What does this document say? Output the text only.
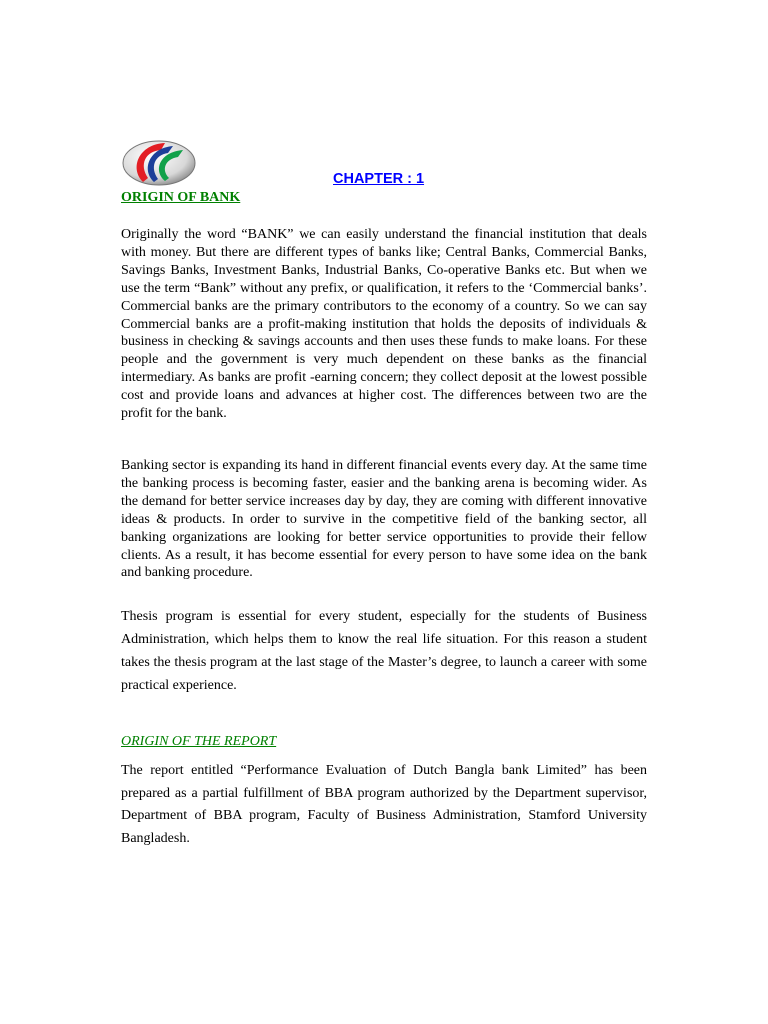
CHAPTER : 1
ORIGIN OF BANK

Originally the word “BANK” we can easily understand the financial institution that deals with money. But there are different types of banks like; Central Banks, Commercial Banks, Savings Banks, Investment Banks, Industrial Banks, Co-operative Banks etc. But when we use the term “Bank” without any prefix, or qualification, it refers to the ‘Commercial banks’. Commercial banks are the primary contributors to the economy of a country. So we can say Commercial banks are a profit-making institution that holds the deposits of individuals & business in checking & savings accounts and then uses these funds to make loans. For these people and the government is very much dependent on these banks as the financial intermediary. As banks are profit -earning concern; they collect deposit at the lowest possible cost and provide loans and advances at higher cost. The differences between two are the profit for the bank.

Banking sector is expanding its hand in different financial events every day. At the same time the banking process is becoming faster, easier and the banking arena is becoming wider. As the demand for better service increases day by day, they are coming with different innovative ideas & products. In order to survive in the competitive field of the banking sector, all banking organizations are looking for better service opportunities to provide their fellow clients. As a result, it has become essential for every person to have some idea on the bank and banking procedure.

Thesis program is essential for every student, especially for the students of Business Administration, which helps them to know the real life situation. For this reason a student takes the thesis program at the last stage of the Master’s degree, to launch a career with some practical experience.

ORIGIN OF THE REPORT

The report entitled “Performance Evaluation of Dutch Bangla bank Limited” has been prepared as a partial fulfillment of BBA program authorized by the Department supervisor, Department of BBA program, Faculty of Business Administration, Stamford University Bangladesh.
